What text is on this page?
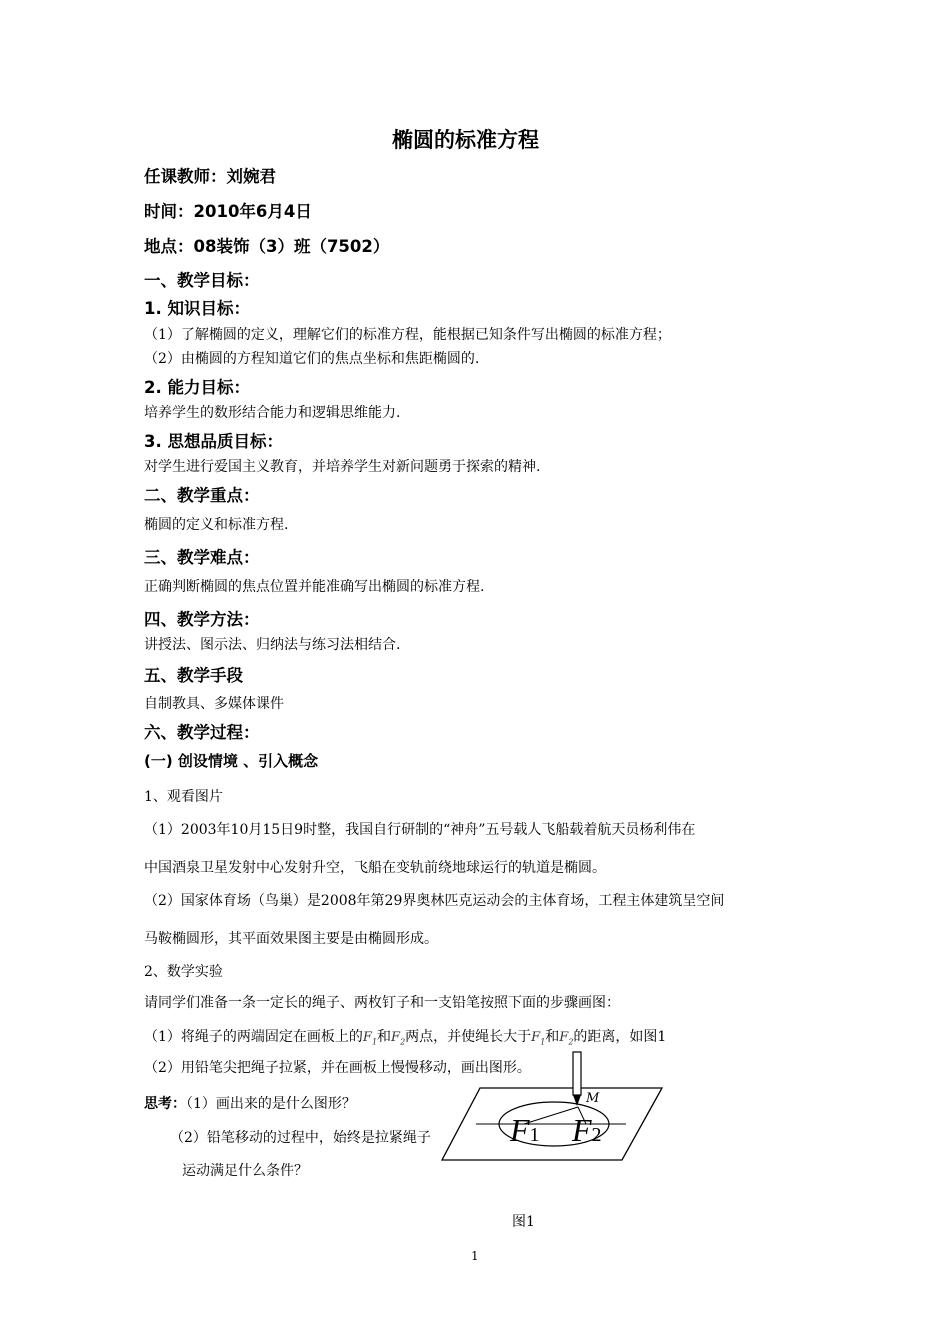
椭圆的标准方程
任课教师：刘婉君
时间：2010年6月4日
地点：08装饰（3）班（7502）
一、教学目标：
1. 知识目标：
（1）了解椭圆的定义，理解它们的标准方程，能根据已知条件写出椭圆的标准方程；
（2）由椭圆的方程知道它们的焦点坐标和焦距椭圆的.
2. 能力目标：
培养学生的数形结合能力和逻辑思维能力.
3. 思想品质目标：
对学生进行爱国主义教育，并培养学生对新问题勇于探索的精神.
二、教学重点：
椭圆的定义和标准方程.
三、教学难点：
正确判断椭圆的焦点位置并能准确写出椭圆的标准方程.
四、教学方法：
讲授法、图示法、归纳法与练习法相结合.
五、教学手段
自制教具、多媒体课件
六、教学过程：
(一) 创设情境 、引入概念
1、观看图片
（1）2003年10月15日9时整，我国自行研制的“神舟”五号载人飞船载着航天员杨利伟在
中国酒泉卫星发射中心发射升空，飞船在变轨前绕地球运行的轨道是椭圆。
（2）国家体育场（鸟巢）是2008年第29界奥林匹克运动会的主体育场，工程主体建筑呈空间
马鞍椭圆形，其平面效果图主要是由椭圆形成。
2、数学实验
请同学们准备一条一定长的绳子、两枚钉子和一支铅笔按照下面的步骤画图：
（1）将绳子的两端固定在画板上的$F_1$和$F_2$两点，并使绳长大于$F_1$和$F_2$的距离，如图1
（2）用铅笔尖把绳子拉紧，并在画板上慢慢移动，画出图形。
思考：（1）画出来的是什么图形？
（2）铅笔移动的过程中，始终是拉紧绳子
运动满足什么条件？
M
F1 F2
图1
1
